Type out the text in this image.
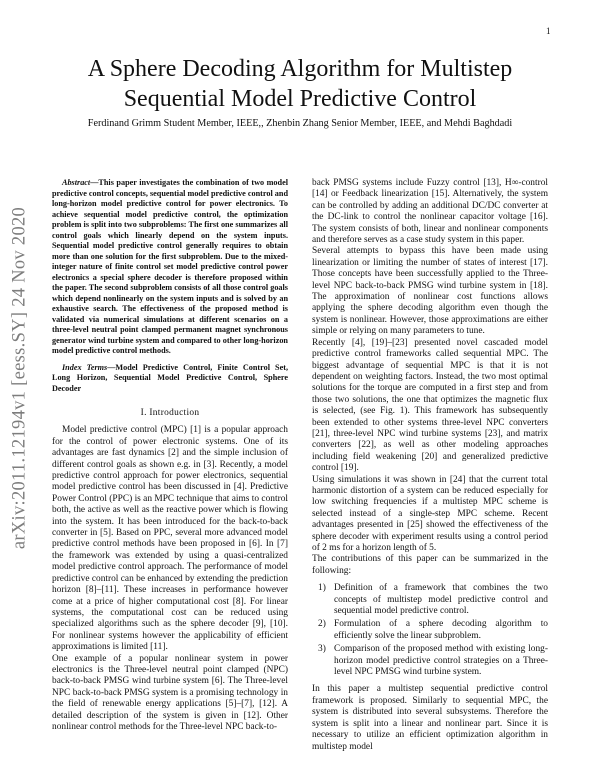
1
arXiv:2011.12194v1 [eess.SY] 24 Nov 2020
A Sphere Decoding Algorithm for Multistep Sequential Model Predictive Control
Ferdinand Grimm Student Member, IEEE,, Zhenbin Zhang Senior Member, IEEE, and Mehdi Baghdadi

Abstract—This paper investigates the combination of two model predictive control concepts, sequential model predictive control and long-horizon model predictive control for power electronics. To achieve sequential model predictive control, the optimization problem is split into two subproblems: The first one summarizes all control goals which linearly depend on the system inputs. Sequential model predictive control generally requires to obtain more than one solution for the first subproblem. Due to the mixed-integer nature of finite control set model predictive control power electronics a special sphere decoder is therefore proposed within the paper. The second subproblem consists of all those control goals which depend nonlinearly on the system inputs and is solved by an exhaustive search. The effectiveness of the proposed method is validated via numerical simulations at different scenarios on a three-level neutral point clamped permanent magnet synchronous generator wind turbine system and compared to other long-horizon model predictive control methods.

Index Terms—Model Predictive Control, Finite Control Set, Long Horizon, Sequential Model Predictive Control, Sphere Decoder

I. Introduction

Model predictive control (MPC) [1] is a popular approach for the control of power electronic systems. One of its advantages are fast dynamics [2] and the simple inclusion of different control goals as shown e.g. in [3]. Recently, a model predictive control approach for power electronics, sequential model predictive control has been discussed in [4]. Predictive Power Control (PPC) is an MPC technique that aims to control both, the active as well as the reactive power which is flowing into the system. It has been introduced for the back-to-back converter in [5]. Based on PPC, several more advanced model predictive control methods have been proposed in [6]. In [7] the framework was extended by using a quasi-centralized model predictive control approach. The performance of model predictive control can be enhanced by extending the prediction horizon [8]–[11]. These increases in performance however come at a price of higher computational cost [8]. For linear systems, the computational cost can be reduced using specialized algorithms such as the sphere decoder [9], [10]. For nonlinear systems however the applicability of efficient approximations is limited [11].

One example of a popular nonlinear system in power electronics is the Three-level neutral point clamped (NPC) back-to-back PMSG wind turbine system [6]. The Three-level NPC back-to-back PMSG system is a promising technology in the field of renewable energy applications [5]–[7], [12]. A detailed description of the system is given in [12]. Other nonlinear control methods for the Three-level NPC back-to-

back PMSG systems include Fuzzy control [13], H∞-control [14] or Feedback linearization [15]. Alternatively, the system can be controlled by adding an additional DC/DC converter at the DC-link to control the nonlinear capacitor voltage [16]. The system consists of both, linear and nonlinear components and therefore serves as a case study system in this paper.

Several attempts to bypass this have been made using linearization or limiting the number of states of interest [17]. Those concepts have been successfully applied to the Three-level NPC back-to-back PMSG wind turbine system in [18]. The approximation of nonlinear cost functions allows applying the sphere decoding algorithm even though the system is nonlinear. However, those approximations are either simple or relying on many parameters to tune.

Recently [4], [19]–[23] presented novel cascaded model predictive control frameworks called sequential MPC. The biggest advantage of sequential MPC is that it is not dependent on weighting factors. Instead, the two most optimal solutions for the torque are computed in a first step and from those two solutions, the one that optimizes the magnetic flux is selected, (see Fig. 1). This framework has subsequently been extended to other systems three-level NPC converters [21], three-level NPC wind turbine systems [23], and matrix converters [22], as well as other modeling approaches including field weakening [20] and generalized predictive control [19].

Using simulations it was shown in [24] that the current total harmonic distortion of a system can be reduced especially for low switching frequencies if a multistep MPC scheme is selected instead of a single-step MPC scheme. Recent advantages presented in [25] showed the effectiveness of the sphere decoder with experiment results using a control period of 2 ms for a horizon length of 5.

The contributions of this paper can be summarized in the following:

1) Definition of a framework that combines the two concepts of multistep model predictive control and sequential model predictive control.
2) Formulation of a sphere decoding algorithm to efficiently solve the linear subproblem.
3) Comparison of the proposed method with existing long-horizon model predictive control strategies on a Three-level NPC PMSG wind turbine system.

In this paper a multistep sequential predictive control framework is proposed. Similarly to sequential MPC, the system is distributed into several subsystems. Therefore the system is split into a linear and nonlinear part. Since it is necessary to utilize an efficient optimization algorithm in multistep model
